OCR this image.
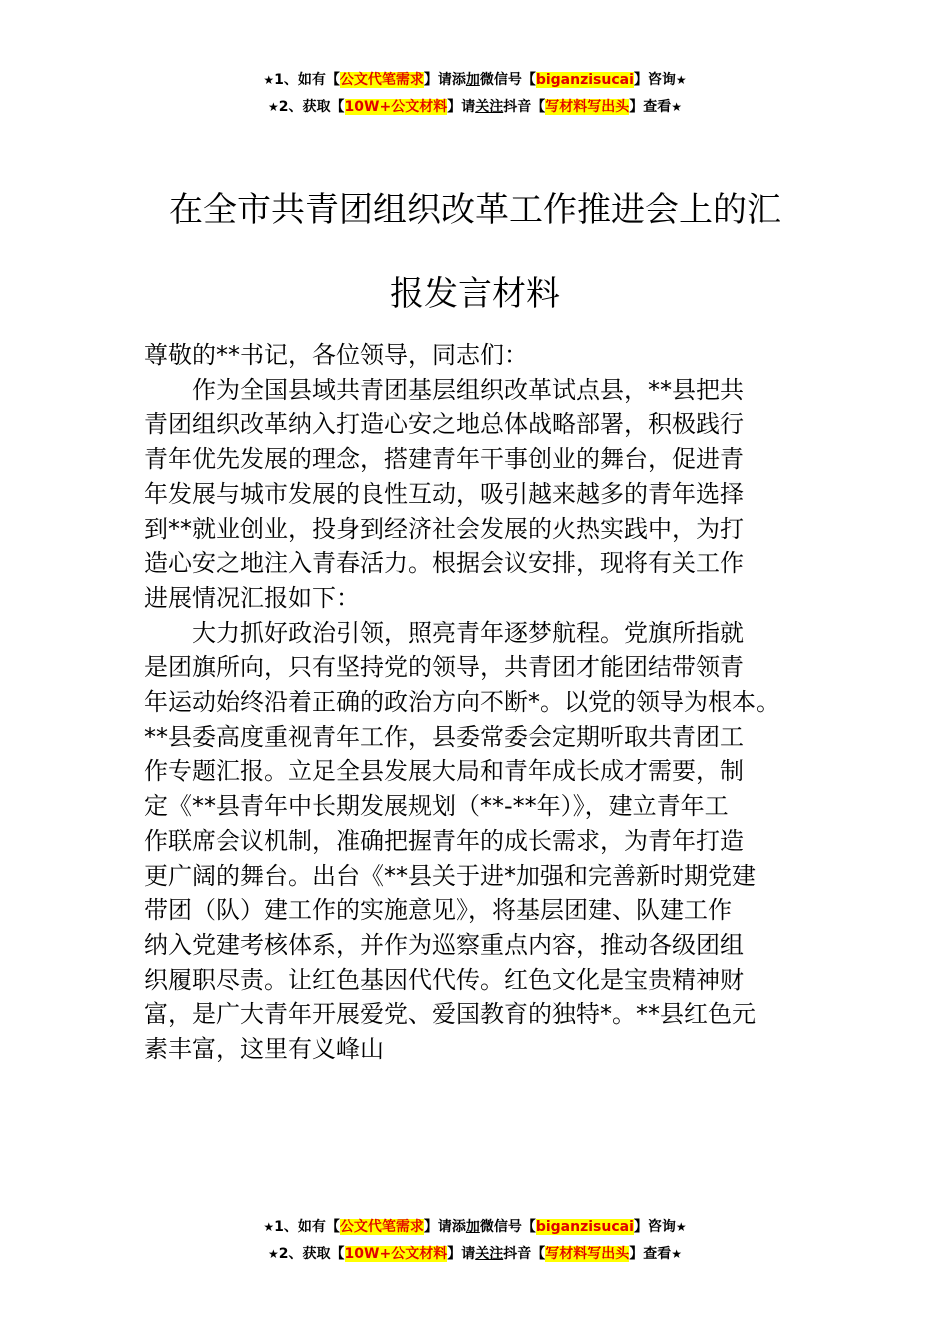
★1、如有【公文代笔需求】请添加微信号【biganzisucai】咨询★
★2、获取【10W+公文材料】请关注抖音【写材料写出头】查看★
在全市共青团组织改革工作推进会上的汇
报发言材料

尊敬的**书记，各位领导，同志们：

作为全国县域共青团基层组织改革试点县，**县把共
青团组织改革纳入打造心安之地总体战略部署，积极践行
青年优先发展的理念，搭建青年干事创业的舞台，促进青
年发展与城市发展的良性互动，吸引越来越多的青年选择
到**就业创业，投身到经济社会发展的火热实践中，为打
造心安之地注入青春活力。根据会议安排，现将有关工作
进展情况汇报如下：

大力抓好政治引领，照亮青年逐梦航程。党旗所指就
是团旗所向，只有坚持党的领导，共青团才能团结带领青
年运动始终沿着正确的政治方向不断*。以党的领导为根本。
**县委高度重视青年工作，县委常委会定期听取共青团工
作专题汇报。立足全县发展大局和青年成长成才需要，制
定《**县青年中长期发展规划（**-**年）》，建立青年工
作联席会议机制，准确把握青年的成长需求，为青年打造
更广阔的舞台。出台《**县关于进*加强和完善新时期党建
带团（队）建工作的实施意见》，将基层团建、队建工作
纳入党建考核体系，并作为巡察重点内容，推动各级团组
织履职尽责。让红色基因代代传。红色文化是宝贵精神财
富，是广大青年开展爱党、爱国教育的独特*。**县红色元
素丰富，这里有义峰山

★1、如有【公文代笔需求】请添加微信号【biganzisucai】咨询★
★2、获取【10W+公文材料】请关注抖音【写材料写出头】查看★
